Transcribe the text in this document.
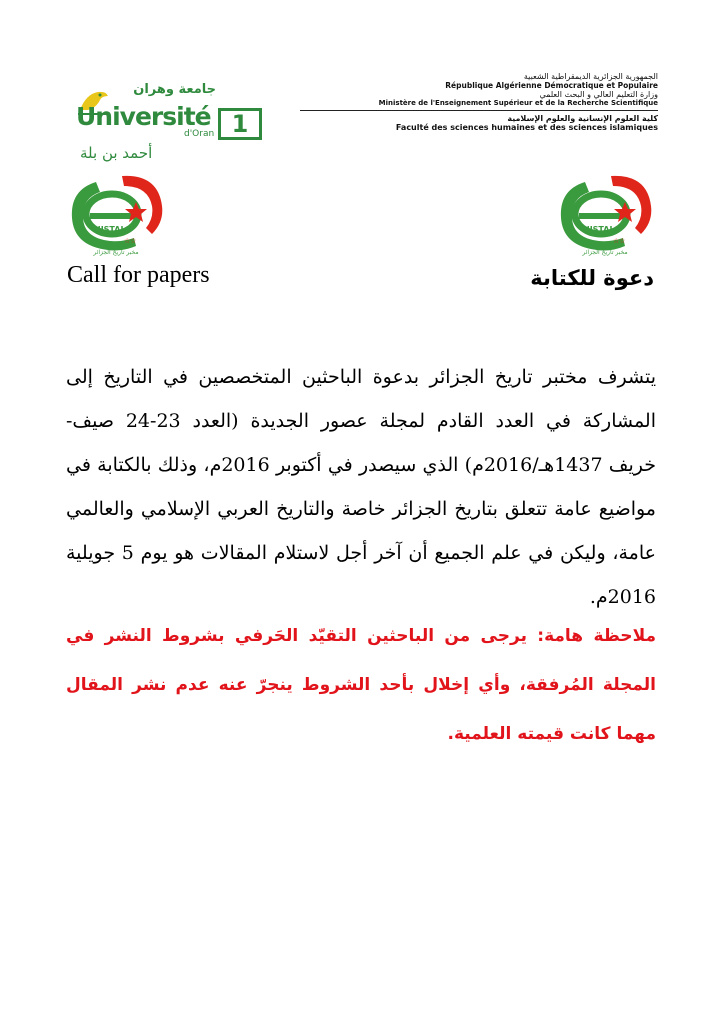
جامعة وهران
Université
d'Oran 1
أحمد بن بلة
الجمهورية الجزائرية الديمقراطية الشعبية
République Algérienne Démocratique et Populaire
وزارة التعليم العالي و البحث العلمي
Ministère de l'Enseignement Supérieur et de la Recherche Scientifique
كلية العلوم الإنسانية والعلوم الإسلامية
Faculté des sciences humaines et des sciences islamiques
HISTAL
☆☆
مخبر تاريخ الجزائر
HISTAL
☆☆
مخبر تاريخ الجزائر
Call for papers	دعوة للكتابة

يتشرف مختبر تاريخ الجزائر بدعوة الباحثين المتخصصين في التاريخ إلى المشاركة في العدد القادم لمجلة عصور الجديدة (العدد 23-24 صيف- خريف 1437هـ/2016م) الذي سيصدر في أكتوبر 2016م، وذلك بالكتابة في مواضيع عامة تتعلق بتاريخ الجزائر خاصة والتاريخ العربي الإسلامي والعالمي عامة، وليكن في علم الجميع أن آخر أجل لاستلام المقالات هو يوم 5 جويلية 2016م.

ملاحظة هامة: يرجى من الباحثين التقيّد الحَرفي بشروط النشر في المجلة المُرفقة، وأي إخلال بأحد الشروط ينجرّ عنه عدم نشر المقال مهما كانت قيمته العلمية.
